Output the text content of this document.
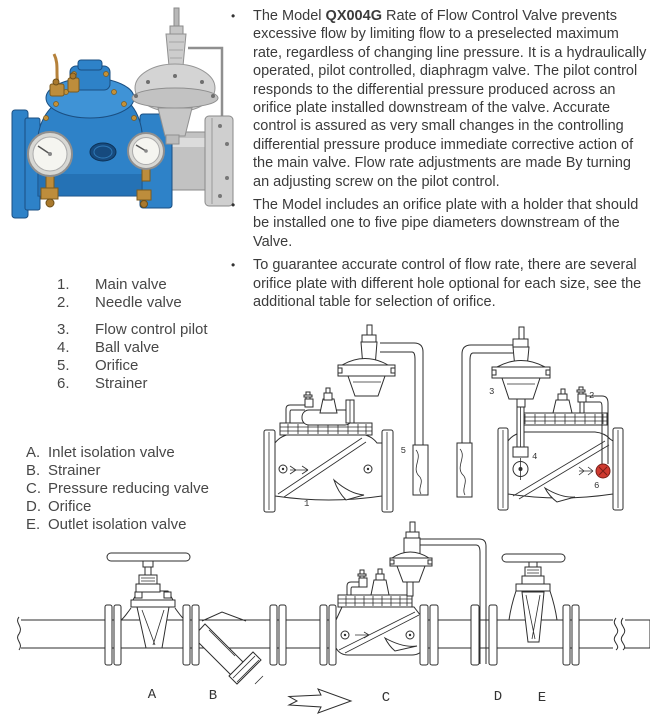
•	The Model QX004G Rate of Flow Control Valve prevents excessive flow by limiting flow to a preselected maximum rate, regardless of changing line pressure. It is a hydraulically operated, pilot controlled, diaphragm valve. The pilot control responds to the differential pressure produced across an orifice plate installed downstream of the valve. Accurate control is assured as very small changes in the controlling differential pressure produce immediate corrective action of the main valve. Flow rate adjustments are made By turning an adjusting screw on the pilot control.
•	The Model includes an orifice plate with a holder that should be installed one to five pipe diameters downstream of the Valve.
•	To guarantee accurate control of flow rate, there are several orifice plate with different hole optional for each size, see the additional table for selection of orifice.
1.	Main valve
2.	Needle valve
3.	Flow control pilot
4.	Ball valve
5.	Orifice
6.	Strainer
A. Inlet isolation valve
B. Strainer
C. Pressure reducing valve
D. Orifice
E. Outlet isolation valve
5
1
3	2
4
6
A	B	C	D	E
